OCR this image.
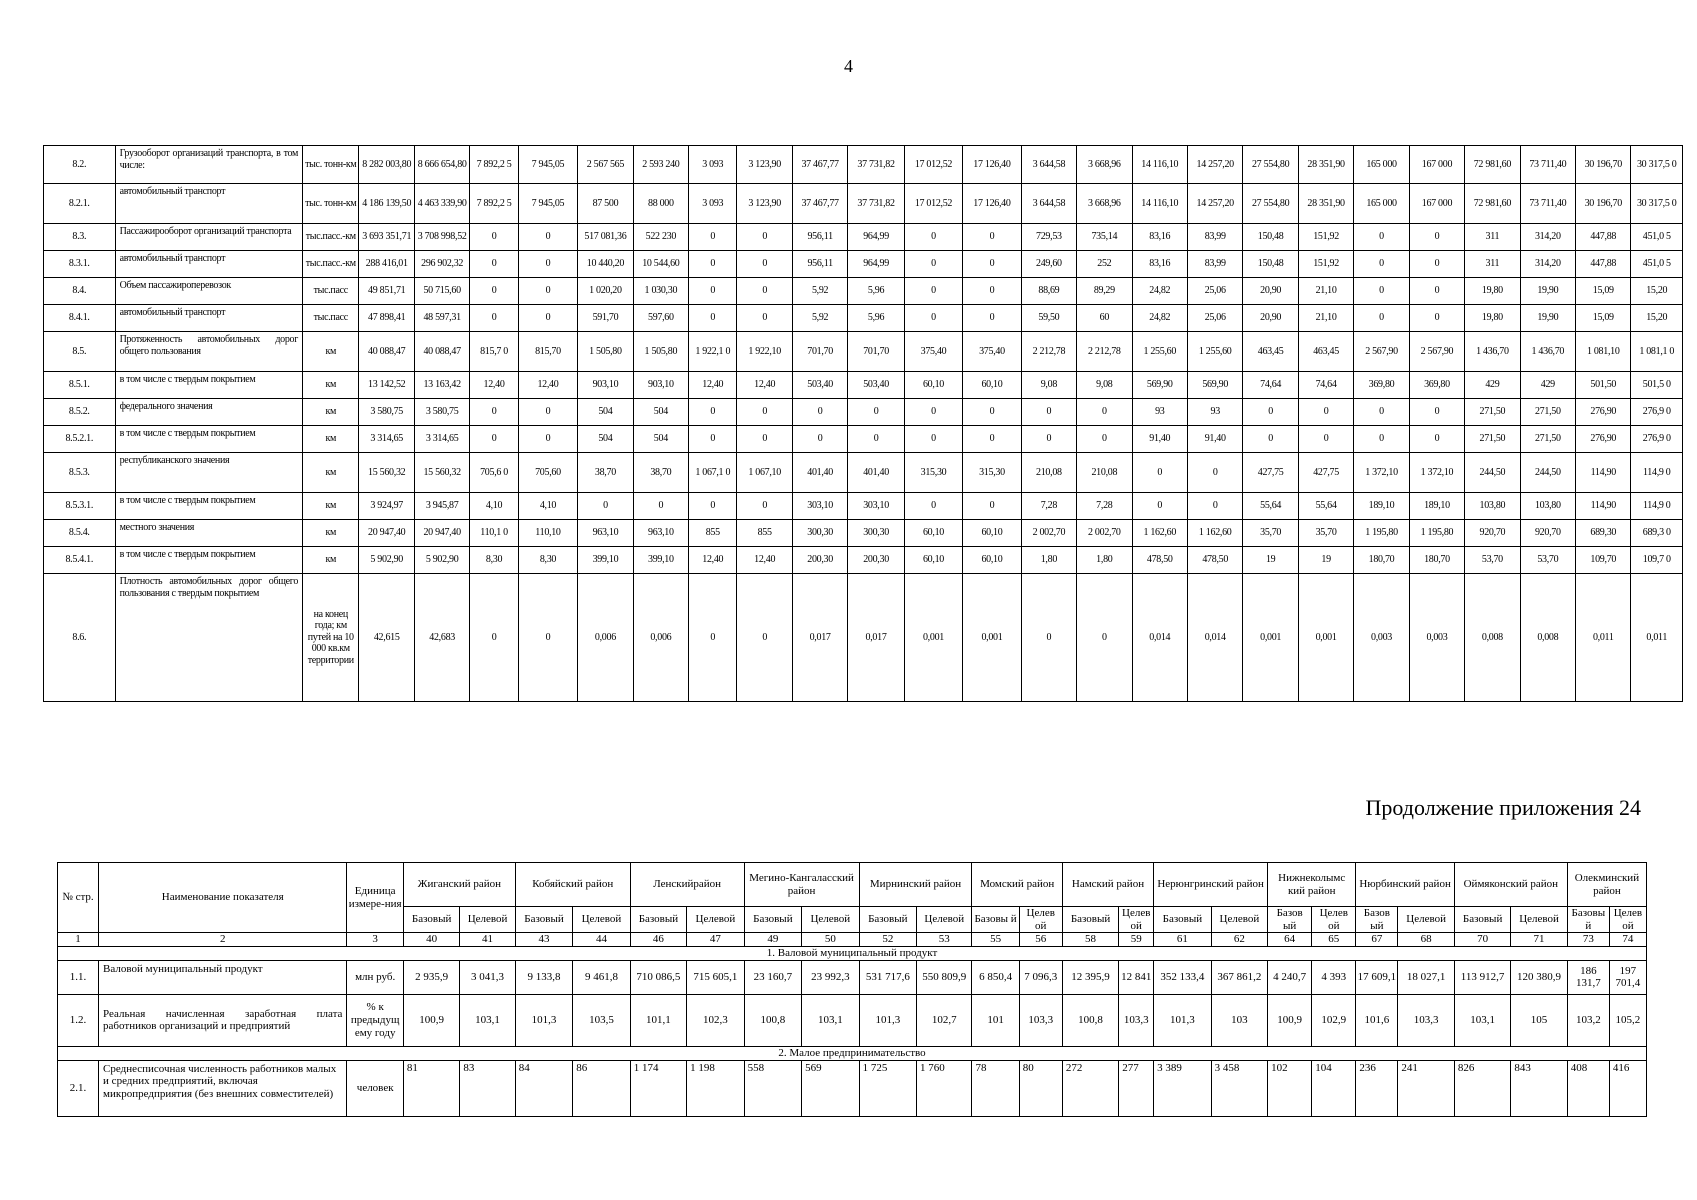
4
8.2.	Грузооборот организаций транспорта, в том числе:	тыс. тонн-км	8 282 003,80	8 666 654,80	7 892,2 5	7 945,05	2 567 565	2 593 240	3 093	3 123,90	37 467,77	37 731,82	17 012,52	17 126,40	3 644,58	3 668,96	14 116,10	14 257,20	27 554,80	28 351,90	165 000	167 000	72 981,60	73 711,40	30 196,70	30 317,5 0
8.2.1.	автомобильный транспорт	тыс. тонн-км	4 186 139,50	4 463 339,90	7 892,2 5	7 945,05	87 500	88 000	3 093	3 123,90	37 467,77	37 731,82	17 012,52	17 126,40	3 644,58	3 668,96	14 116,10	14 257,20	27 554,80	28 351,90	165 000	167 000	72 981,60	73 711,40	30 196,70	30 317,5 0
8.3.	Пассажирооборот организаций транспорта	тыс.пасс.-км	3 693 351,71	3 708 998,52	0	0	517 081,36	522 230	0	0	956,11	964,99	0	0	729,53	735,14	83,16	83,99	150,48	151,92	0	0	311	314,20	447,88	451,0 5
8.3.1.	автомобильный транспорт	тыс.пасс.-км	288 416,01	296 902,32	0	0	10 440,20	10 544,60	0	0	956,11	964,99	0	0	249,60	252	83,16	83,99	150,48	151,92	0	0	311	314,20	447,88	451,0 5
8.4.	Объем пассажироперевозок	тыс.пасс	49 851,71	50 715,60	0	0	1 020,20	1 030,30	0	0	5,92	5,96	0	0	88,69	89,29	24,82	25,06	20,90	21,10	0	0	19,80	19,90	15,09	15,20
8.4.1.	автомобильный транспорт	тыс.пасс	47 898,41	48 597,31	0	0	591,70	597,60	0	0	5,92	5,96	0	0	59,50	60	24,82	25,06	20,90	21,10	0	0	19,80	19,90	15,09	15,20
8.5.	Протяженность автомобильных дорог общего пользования	км	40 088,47	40 088,47	815,7 0	815,70	1 505,80	1 505,80	1 922,1 0	1 922,10	701,70	701,70	375,40	375,40	2 212,78	2 212,78	1 255,60	1 255,60	463,45	463,45	2 567,90	2 567,90	1 436,70	1 436,70	1 081,10	1 081,1 0
8.5.1.	в том числе с твердым покрытием	км	13 142,52	13 163,42	12,40	12,40	903,10	903,10	12,40	12,40	503,40	503,40	60,10	60,10	9,08	9,08	569,90	569,90	74,64	74,64	369,80	369,80	429	429	501,50	501,5 0
8.5.2.	федерального значения	км	3 580,75	3 580,75	0	0	504	504	0	0	0	0	0	0	0	0	93	93	0	0	0	0	271,50	271,50	276,90	276,9 0
8.5.2.1.	в том числе с твердым покрытием	км	3 314,65	3 314,65	0	0	504	504	0	0	0	0	0	0	0	0	91,40	91,40	0	0	0	0	271,50	271,50	276,90	276,9 0
8.5.3.	республиканского значения	км	15 560,32	15 560,32	705,6 0	705,60	38,70	38,70	1 067,1 0	1 067,10	401,40	401,40	315,30	315,30	210,08	210,08	0	0	427,75	427,75	1 372,10	1 372,10	244,50	244,50	114,90	114,9 0
8.5.3.1.	в том числе с твердым покрытием	км	3 924,97	3 945,87	4,10	4,10	0	0	0	0	303,10	303,10	0	0	7,28	7,28	0	0	55,64	55,64	189,10	189,10	103,80	103,80	114,90	114,9 0
8.5.4.	местного значения	км	20 947,40	20 947,40	110,1 0	110,10	963,10	963,10	855	855	300,30	300,30	60,10	60,10	2 002,70	2 002,70	1 162,60	1 162,60	35,70	35,70	1 195,80	1 195,80	920,70	920,70	689,30	689,3 0
8.5.4.1.	в том числе с твердым покрытием	км	5 902,90	5 902,90	8,30	8,30	399,10	399,10	12,40	12,40	200,30	200,30	60,10	60,10	1,80	1,80	478,50	478,50	19	19	180,70	180,70	53,70	53,70	109,70	109,7 0
8.6.	Плотность автомобильных дорог общего пользования с твердым покрытием	на конец года; км путей на 10 000 кв.км территории	42,615	42,683	0	0	0,006	0,006	0	0	0,017	0,017	0,001	0,001	0	0	0,014	0,014	0,001	0,001	0,003	0,003	0,008	0,008	0,011	0,011
Продолжение приложения 24
№ стр.	Наименование показателя	Единица измере-ния	Жиганский район		Кобяйский район		Ленскийрайон		Мегино-Кангаласский район		Мирнинский район		Момский район		Намский район		Нерюнгринский район		Нижнеколымс кий район		Нюрбинский район		Оймяконский район		Олекминский район	
			Базовый	Целевой	Базовый	Целевой	Базовый	Целевой	Базовый	Целевой	Базовый	Целевой	Базовы й	Целев ой	Базовый	Целев ой	Базовый	Целевой	Базов ый	Целев ой	Базов ый	Целевой	Базовый	Целевой	Базовы й	Целев ой
1	2	3	40	41	43	44	46	47	49	50	52	53	55	56	58	59	61	62	64	65	67	68	70	71	73	74
1. Валовой муниципальный продукт																										
1.1.	Валовой муниципальный продукт	млн руб.	2 935,9	3 041,3	9 133,8	9 461,8	710 086,5	715 605,1	23 160,7	23 992,3	531 717,6	550 809,9	6 850,4	7 096,3	12 395,9	12 841	352 133,4	367 861,2	4 240,7	4 393	17 609,1	18 027,1	113 912,7	120 380,9	186 131,7	197 701,4
1.2.	Реальная начисленная заработная плата работников организаций и предприятий	% к предыдущему году	100,9	103,1	101,3	103,5	101,1	102,3	100,8	103,1	101,3	102,7	101	103,3	100,8	103,3	101,3	103	100,9	102,9	101,6	103,3	103,1	105	103,2	105,2
2. Малое предпринимательство																										
2.1.	Среднесписочная численность работников малых и средних предприятий, включая микропредприятия (без внешних совместителей)	человек	81	83	84	86	1 174	1 198	558	569	1 725	1 760	78	80	272	277	3 389	3 458	102	104	236	241	826	843	408	416
